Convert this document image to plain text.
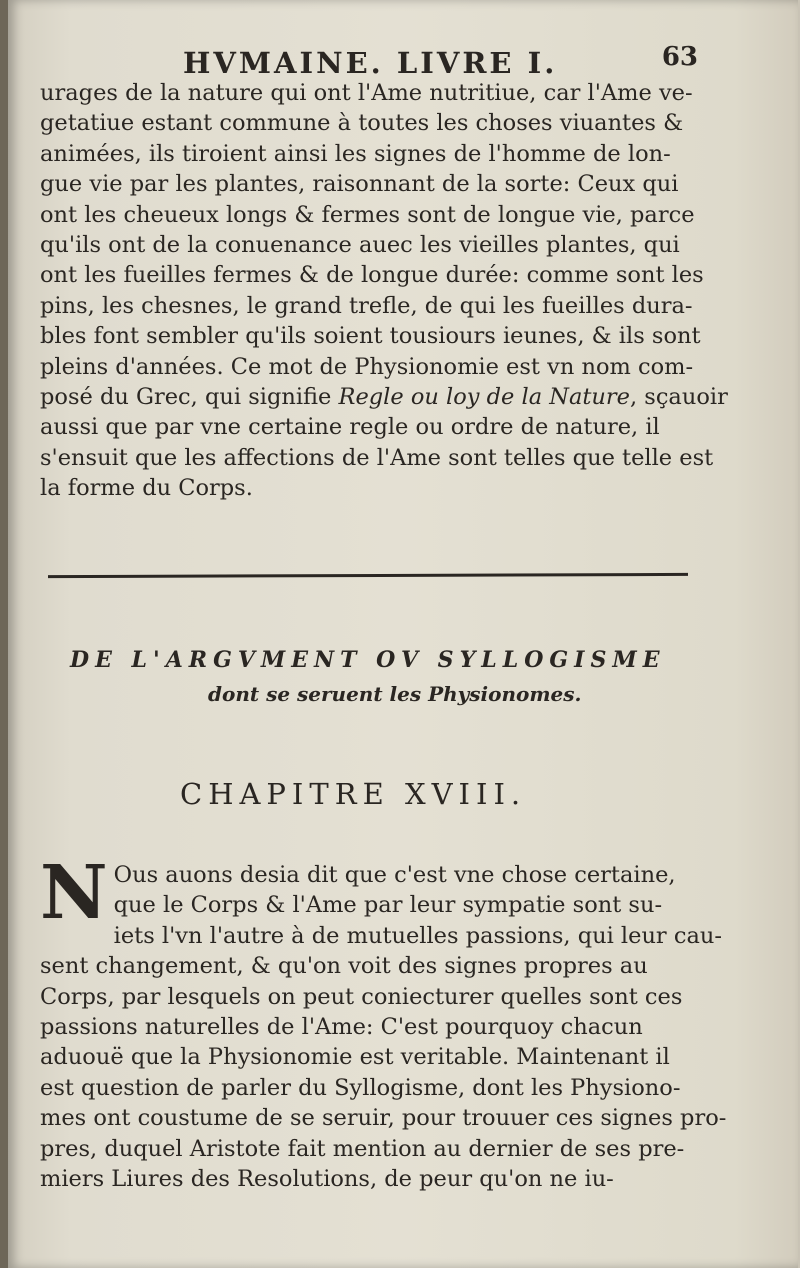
HVMAINE. LIVRE I.	63
urages de la nature qui ont l'Ame nutritiue, car l'Ame ve-
getatiue estant commune à toutes les choses viuantes &
animées, ils tiroient ainsi les signes de l'homme de lon-
gue vie par les plantes, raisonnant de la sorte: Ceux qui
ont les cheueux longs & fermes sont de longue vie, parce
qu'ils ont de la conuenance auec les vieilles plantes, qui
ont les fueilles fermes & de longue durée: comme sont les
pins, les chesnes, le grand trefle, de qui les fueilles dura-
bles font sembler qu'ils soient tousiours ieunes, & ils sont
pleins d'années. Ce mot de Physionomie est vn nom com-
posé du Grec, qui signifie Regle ou loy de la Nature, sçauoir
aussi que par vne certaine regle ou ordre de nature, il
s'ensuit que les affections de l'Ame sont telles que telle est
la forme du Corps.
DE L'ARGVMENT OV SYLLOGISME
dont se seruent les Physionomes.
CHAPITRE XVIII.
N Ous auons desia dit que c'est vne chose certaine,
que le Corps & l'Ame par leur sympatie sont su-
iets l'vn l'autre à de mutuelles passions, qui leur cau-
sent changement, & qu'on voit des signes propres au
Corps, par lesquels on peut coniecturer quelles sont ces
passions naturelles de l'Ame: C'est pourquoy chacun
aduouë que la Physionomie est veritable. Maintenant il
est question de parler du Syllogisme, dont les Physiono-
mes ont coustume de se seruir, pour trouuer ces signes pro-
pres, duquel Aristote fait mention au dernier de ses pre-
miers Liures des Resolutions, de peur qu'on ne iu-
